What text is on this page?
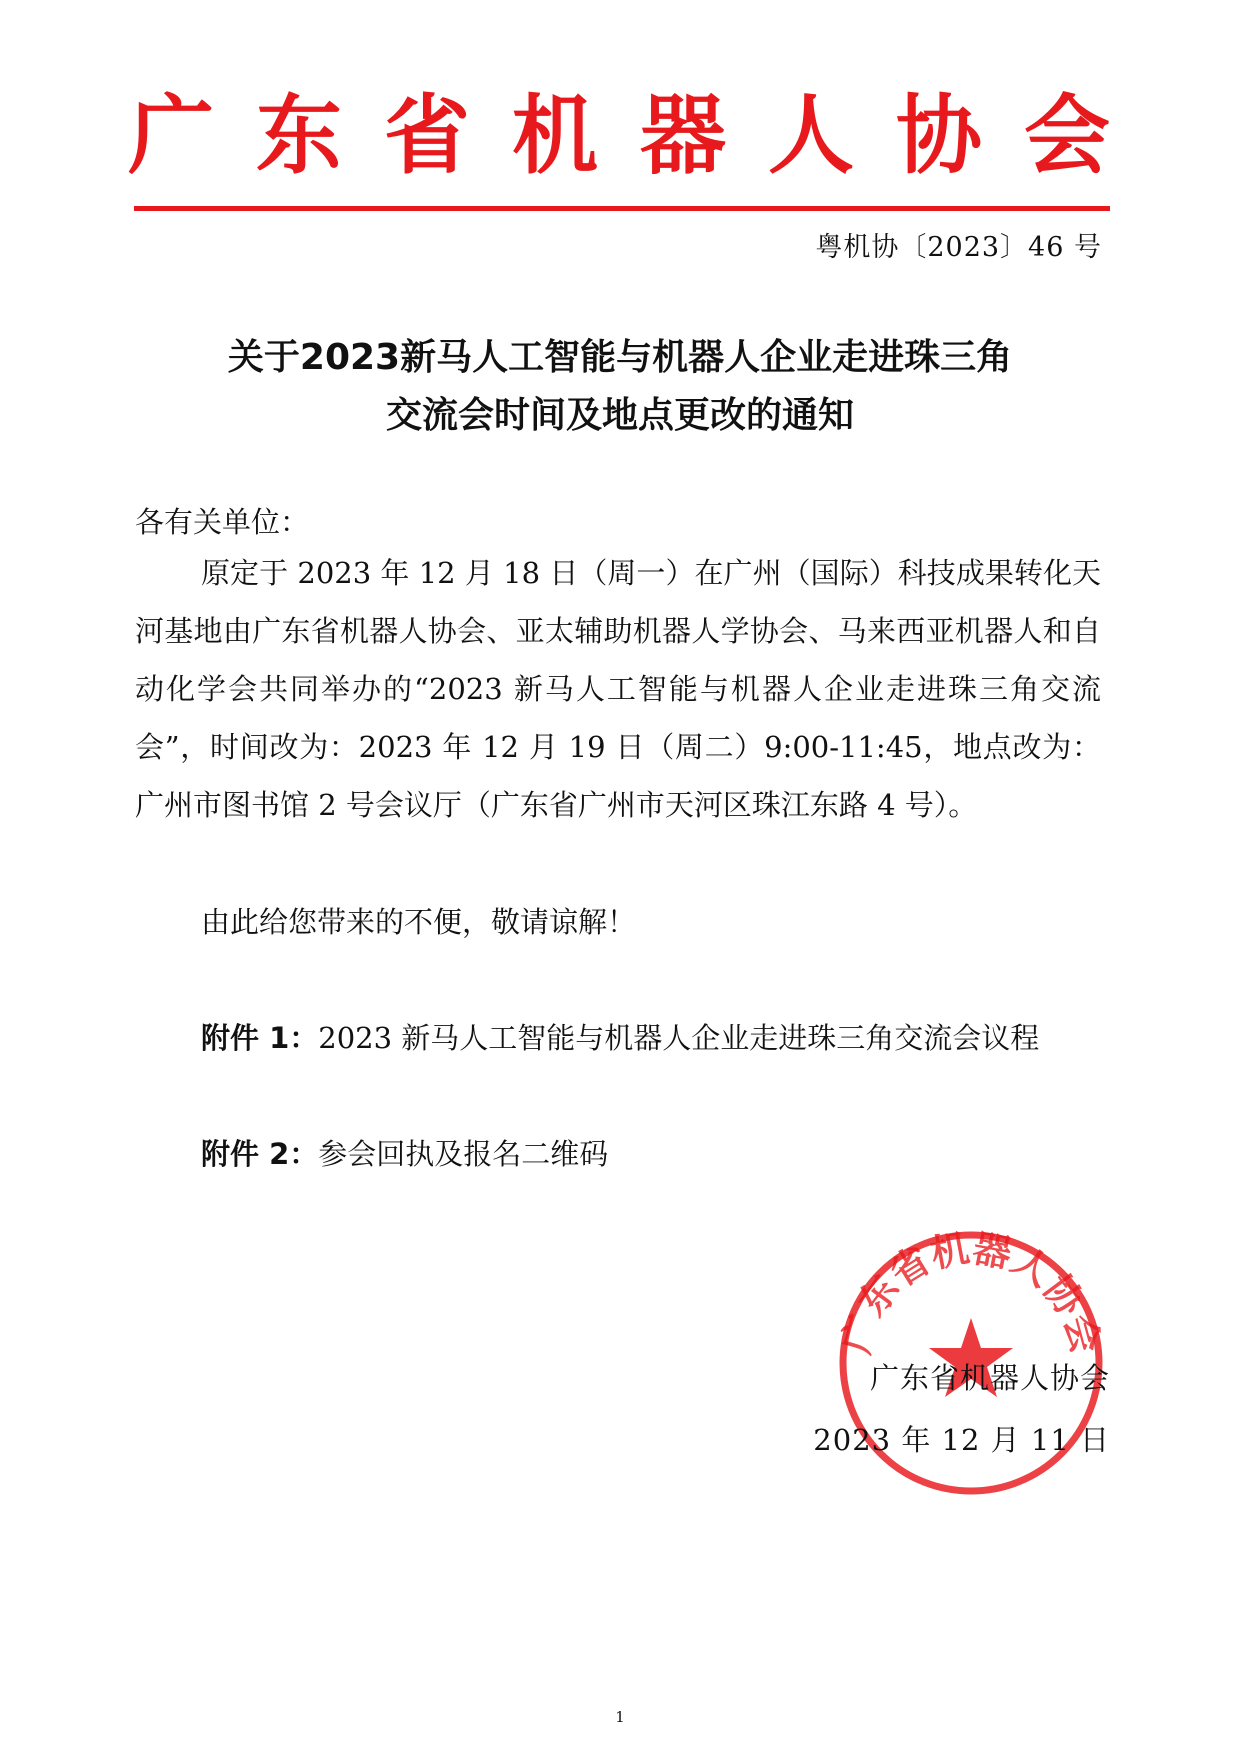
广 东 省 机 器 人 协 会
粤机协〔2023〕46 号
关于2023新马人工智能与机器人企业走进珠三角
交流会时间及地点更改的通知
各有关单位：
原定于 2023 年 12 月 18 日（周一）在广州（国际）科技成果转化天河基地由广东省机器人协会、亚太辅助机器人学协会、马来西亚机器人和自动化学会共同举办的“2023 新马人工智能与机器人企业走进珠三角交流会”，时间改为：2023 年 12 月 19 日（周二）9:00-11:45，地点改为：广州市图书馆 2 号会议厅（广东省广州市天河区珠江东路 4 号）。
由此给您带来的不便，敬请谅解！
附件 1：2023 新马人工智能与机器人企业走进珠三角交流会议程
附件 2：参会回执及报名二维码
广东省机器人协会
广东省机器人协会
2023 年 12 月 11 日
1
